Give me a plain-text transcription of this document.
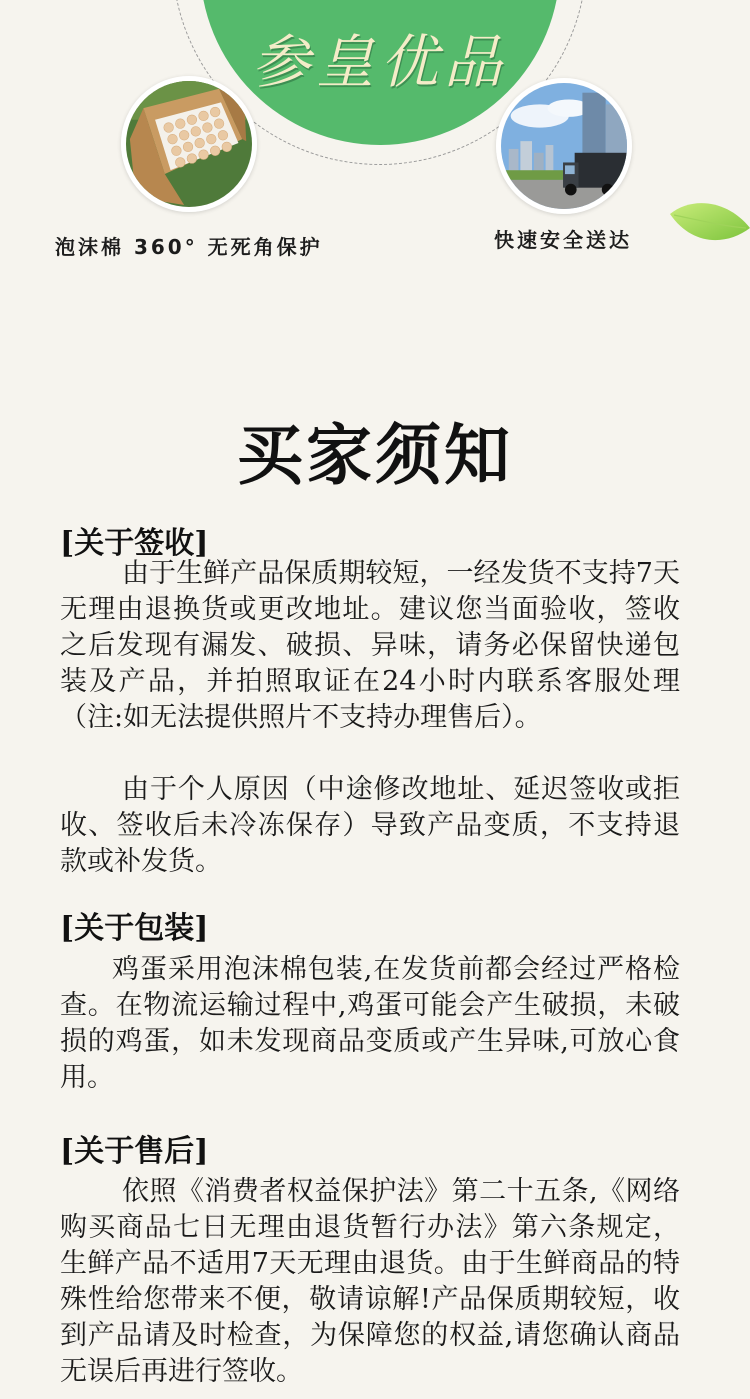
参皇优品
泡沫棉 360° 无死角保护	快速安全送达
买家须知
[关于签收]
由于生鲜产品保质期较短，一经发货不支持7天无理由退换货或更改地址。建议您当面验收，签收之后发现有漏发、破损、异味，请务必保留快递包装及产品，并拍照取证在24小时内联系客服处理（注:如无法提供照片不支持办理售后）。
由于个人原因（中途修改地址、延迟签收或拒收、签收后未冷冻保存）导致产品变质，不支持退款或补发货。
[关于包装]
鸡蛋采用泡沫棉包装,在发货前都会经过严格检查。在物流运输过程中,鸡蛋可能会产生破损，未破损的鸡蛋，如未发现商品变质或产生异味,可放心食用。
[关于售后]
依照《消费者权益保护法》第二十五条,《网络购买商品七日无理由退货暂行办法》第六条规定，生鲜产品不适用7天无理由退货。由于生鲜商品的特殊性给您带来不便，敬请谅解!产品保质期较短，收到产品请及时检查，为保障您的权益,请您确认商品无误后再进行签收。
